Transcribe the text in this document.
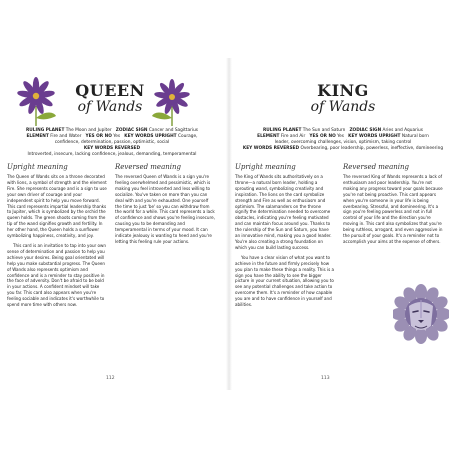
QUEEN
of Wands
RULING PLANET The Moon and Jupiter ZODIAC SIGN Cancer and Sagittarius
ELEMENT Fire and Water YES OR NO Yes KEY WORDS UPRIGHT Courage,
confidence, determination, passion, optimistic, social
KEY WORDS REVERSED
Introverted, insecure, lacking confidence, jealous, demanding, temperamental
Upright meaning

The Queen of Wands sits on a throne decorated with lions, a symbol of strength and the element Fire. She represents courage and is a sign to use your own driver of courage and your independent spirit to help you move forward. This card represents impartial leadership thanks to Jupiter, which is symbolized by the orchid the queen holds. The green shoots coming from the tip of the wand signifies growth and fertility. In her other hand, the Queen holds a sunflower symbolizing happiness, creativity, and joy.

This card is an invitation to tap into your own sense of determination and passion to help you achieve your desires. Being goal orientated will help you make substantial progress. The Queen of Wands also represents optimism and confidence and is a reminder to stay positive in the face of adversity. Don't be afraid to be bold in your actions. A confident mindset will take you far. This card also appears when you're feeling sociable and indicates it's worthwhile to spend more time with others now.

Reversed meaning

The reversed Queen of Wands is a sign you're feeling overwhelmed and pessimistic, which is making you feel introverted and less willing to socialize. You've taken on more than you can deal with and you're exhausted. One yourself the time to just 'be' so you can withdraw from the world for a while. This card represents a lack of confidence and shows you're feeling insecure, causing you to be demanding and temperamental in terms of your mood. It can indicate jealousy is wanting to heed and you're letting this feeling rule your actions.

112
KING
of Wands
RULING PLANET The Sun and Saturn ZODIAC SIGN Aries and Aquarius
ELEMENT Fire and Air YES OR NO Yes KEY WORDS UPRIGHT Natural born
leader, overcoming challenges, vision, optimism, taking control
KEY WORDS REVERSED Overbearing, poor leadership, powerless, ineffective, domineering
Upright meaning

The King of Wands sits authoritatively on a throne—a natural born leader, holding a sprouting wand, symbolizing creativity and inspiration. The lions on the card symbolize strength and Fire as well as enthusiasm and optimism. The salamanders on the throne signify the determination needed to overcome obstacles, indicating you're feeling motivated and can maintain focus around you. Thanks to the rulership of the Sun and Saturn, you have an innovative mind, making you a good leader. You're also creating a strong foundation on which you can build lasting success.

You have a clear vision of what you want to achieve in the future and firmly precisely how you plan to make these things a reality. This is a sign you have the ability to see the bigger picture in your current situation, allowing you to see any potential challenges and take action to overcome them. It's a reminder of how capable you are and to have confidence in yourself and abilities.

Reversed meaning

The reversed King of Wands represents a lack of enthusiasm and poor leadership. You're not making any progress toward your goals because you're not being proactive. This card appears when you're someone in your life is being overbearing. Stressful, and domineering. It's a sign you're feeling powerless and not in full control of your life and the direction you're moving in. This card also symbolizes that you're being ruthless, arrogant, and even aggressive in the pursuit of your goals. It's a reminder not to accomplish your aims at the expense of others.

113
